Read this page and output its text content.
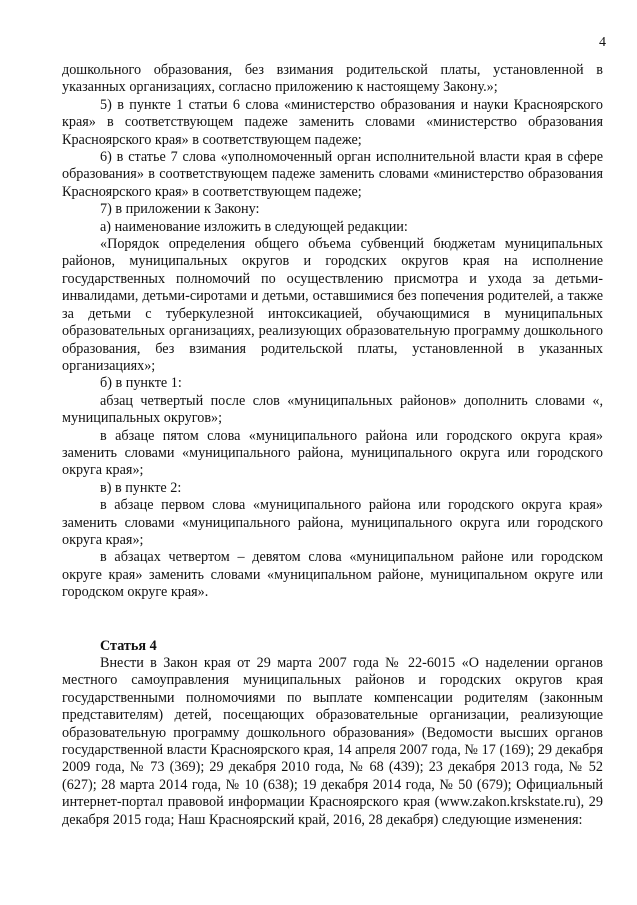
4

дошкольного образования, без взимания родительской платы, установленной в указанных организациях, согласно приложению к настоящему Закону.»;

5) в пункте 1 статьи 6 слова «министерство образования и науки Красноярского края» в соответствующем падеже заменить словами «министерство образования Красноярского края» в соответствующем падеже;

6) в статье 7 слова «уполномоченный орган исполнительной власти края в сфере образования» в соответствующем падеже заменить словами «министерство образования Красноярского края» в соответствующем падеже;

7) в приложении к Закону:

а) наименование изложить в следующей редакции:

«Порядок определения общего объема субвенций бюджетам муниципальных районов, муниципальных округов и городских округов края на исполнение государственных полномочий по осуществлению присмотра и ухода за детьми-инвалидами, детьми-сиротами и детьми, оставшимися без попечения родителей, а также за детьми с туберкулезной интоксикацией, обучающимися в муниципальных образовательных организациях, реализующих образовательную программу дошкольного образования, без взимания родительской платы, установленной в указанных организациях»;

б) в пункте 1:

абзац четвертый после слов «муниципальных районов» дополнить словами «, муниципальных округов»;

в абзаце пятом слова «муниципального района или городского округа края» заменить словами «муниципального района, муниципального округа или городского округа края»;

в) в пункте 2:

в абзаце первом слова «муниципального района или городского округа края» заменить словами «муниципального района, муниципального округа или городского округа края»;

в абзацах четвертом – девятом слова «муниципальном районе или городском округе края» заменить словами «муниципальном районе, муниципальном округе или городском округе края».

Статья 4

Внести в Закон края от 29 марта 2007 года № 22-6015 «О наделении органов местного самоуправления муниципальных районов и городских округов края государственными полномочиями по выплате компенсации родителям (законным представителям) детей, посещающих образовательные организации, реализующие образовательную программу дошкольного образования» (Ведомости высших органов государственной власти Красноярского края, 14 апреля 2007 года, № 17 (169); 29 декабря 2009 года, № 73 (369); 29 декабря 2010 года, № 68 (439); 23 декабря 2013 года, № 52 (627); 28 марта 2014 года, № 10 (638); 19 декабря 2014 года, № 50 (679); Официальный интернет-портал правовой информации Красноярского края (www.zakon.krskstate.ru), 29 декабря 2015 года; Наш Красноярский край, 2016, 28 декабря) следующие изменения:
